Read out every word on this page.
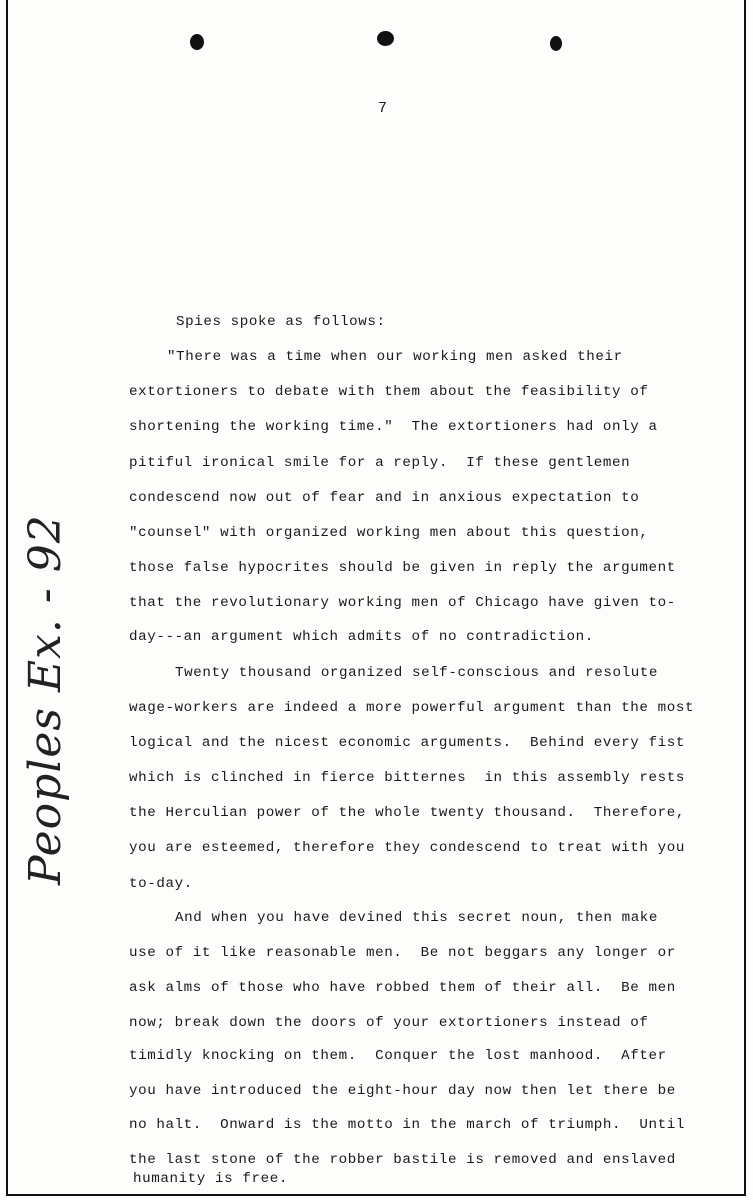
7
Peoples Ex. - 92
Spies spoke as follows:
"There was a time when our working men asked their
extortioners to debate with them about the feasibility of
shortening the working time."  The extortioners had only a
pitiful ironical smile for a reply.  If these gentlemen
condescend now out of fear and in anxious expectation to
"counsel" with organized working men about this question,
those false hypocrites should be given in reply the argument
that the revolutionary working men of Chicago have given to-
day---an argument which admits of no contradiction.
Twenty thousand organized self-conscious and resolute
wage-workers are indeed a more powerful argument than the most
logical and the nicest economic arguments.  Behind every fist
which is clinched in fierce bitternes  in this assembly rests
the Herculian power of the whole twenty thousand.  Therefore,
you are esteemed, therefore they condescend to treat with you
to-day.
And when you have devined this secret noun, then make
use of it like reasonable men.  Be not beggars any longer or
ask alms of those who have robbed them of their all.  Be men
now; break down the doors of your extortioners instead of
timidly knocking on them.  Conquer the lost manhood.  After
you have introduced the eight-hour day now then let there be
no halt.  Onward is the motto in the march of triumph.  Until
the last stone of the robber bastile is removed and enslaved
humanity is free.
